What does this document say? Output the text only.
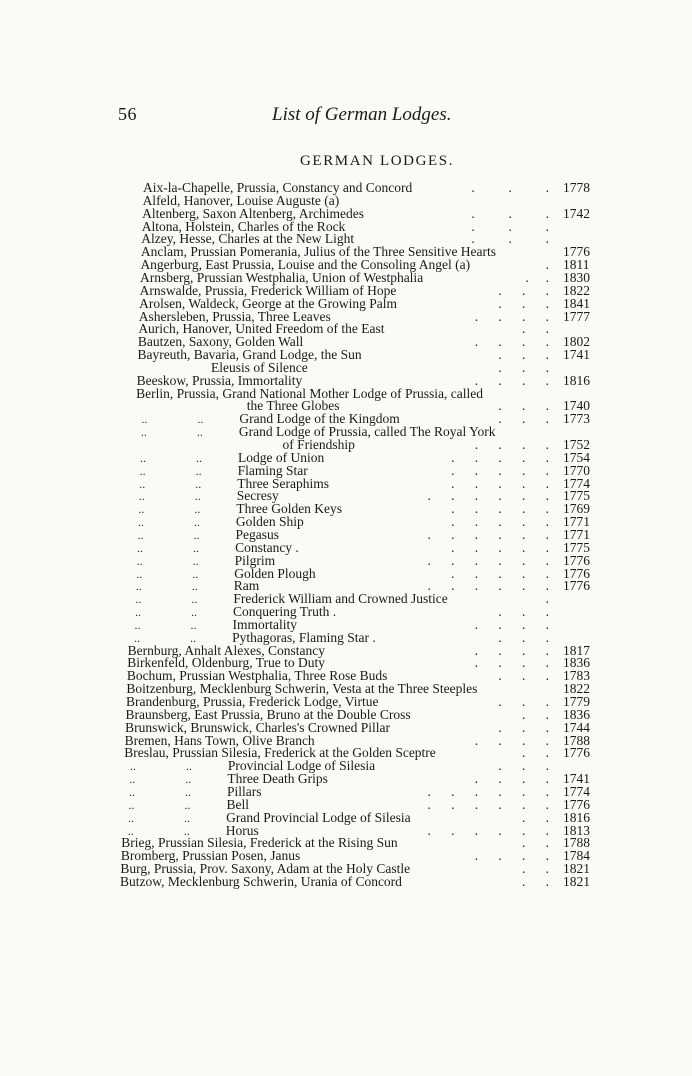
56	List of German Lodges.
GERMAN LODGES.
Aix-la-Chapelle, Prussia, Constancy and Concord	.          .          . 1778
Alfeld, Hanover, Louise Auguste (a)
Altenberg, Saxon Altenberg, Archimedes	.          .          . 1742
Altona, Holstein, Charles of the Rock	.          .          .
Alzey, Hesse, Charles at the New Light	.          .          .
Anclam, Prussian Pomerania, Julius of the Three Sensitive Hearts	1776
Angerburg, East Prussia, Louise and the Consoling Angel (a)	. 1811
Arnsberg, Prussian Westphalia, Union of Westphalia	.     . 1830
Arnswalde, Prussia, Frederick William of Hope	.      .      . 1822
Arolsen, Waldeck, George at the Growing Palm	.      .      . 1841
Ashersleben, Prussia, Three Leaves	.      .      .      . 1777
Aurich, Hanover, United Freedom of the East	.      .
Bautzen, Saxony, Golden Wall	.      .      .      . 1802
Bayreuth, Bavaria, Grand Lodge, the Sun	.      .      . 1741
Eleusis of Silence	.      .      .
Beeskow, Prussia, Immortality	.      .      .      . 1816
Berlin, Prussia, Grand National Mother Lodge of Prussia, called
the Three Globes	.      .      . 1740
..	..	Grand Lodge of the Kingdom	.      .      . 1773
..	..	Grand Lodge of Prussia, called The Royal York
of Friendship	.      .      .      . 1752
..	..	Lodge of Union	.      .      .      .      . 1754
..	..	Flaming Star	.      .      .      .      . 1770
..	..	Three Seraphims	.      .      .      .      . 1774
..	..	Secresy	.      .      .      .      .      . 1775
..	..	Three Golden Keys	.      .      .      .      . 1769
..	..	Golden Ship	.      .      .      .      . 1771
..	..	Pegasus	.      .      .      .      .      . 1771
..	..	Constancy .	.      .      .      .      . 1775
..	..	Pilgrim	.      .      .      .      .      . 1776
..	..	Golden Plough	.      .      .      .      . 1776
..	..	Ram	.      .      .      .      .      . 1776
..	..	Frederick William and Crowned Justice	.
..	..	Conquering Truth .	.      .      .
..	..	Immortality	.      .      .      .
..	..	Pythagoras, Flaming Star .	.      .      .
Bernburg, Anhalt Alexes, Constancy	.      .      .      . 1817
Birkenfeld, Oldenburg, True to Duty	.      .      .      . 1836
Bochum, Prussian Westphalia, Three Rose Buds	.      .      . 1783
Boitzenburg, Mecklenburg Schwerin, Vesta at the Three Steeples	1822
Brandenburg, Prussia, Frederick Lodge, Virtue	.      .      . 1779
Braunsberg, East Prussia, Bruno at the Double Cross	.      . 1836
Brunswick, Brunswick, Charles's Crowned Pillar	.      .      . 1744
Bremen, Hans Town, Olive Branch	.      .      .      . 1788
Breslau, Prussian Silesia, Frederick at the Golden Sceptre	.      . 1776
..	..	Provincial Lodge of Silesia	.      .      .
..	..	Three Death Grips	.      .      .      . 1741
..	..	Pillars	.      .      .      .      .      . 1774
..	..	Bell	.      .      .      .      .      . 1776
..	..	Grand Provincial Lodge of Silesia	.      . 1816
..	..	Horus	.      .      .      .      .      . 1813
Brieg, Prussian Silesia, Frederick at the Rising Sun	.      . 1788
Bromberg, Prussian Posen, Janus	.      .      .      . 1784
Burg, Prussia, Prov. Saxony, Adam at the Holy Castle	.      . 1821
Butzow, Mecklenburg Schwerin, Urania of Concord	.      . 1821
